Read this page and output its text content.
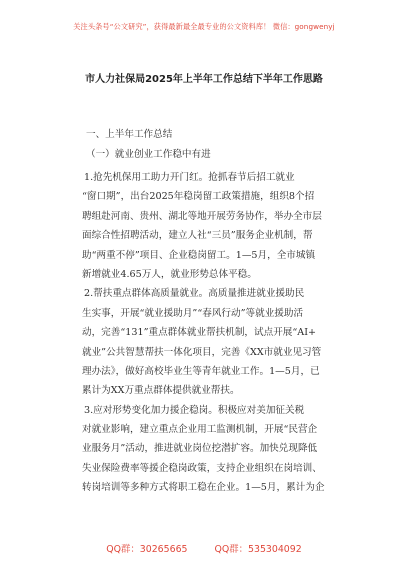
关注头条号“公文研究”，获得最新最全最专业的公文资料库！ 微信：gongwenyj
市人力社保局2025年上半年工作总结下半年工作思路
一、上半年工作总结
（一）就业创业工作稳中有进
1.抢先机保用工助力开门红。抢抓春节后招工就业
“窗口期”，出台2025年稳岗留工政策措施，组织8个招
聘组赴河南、贵州、湖北等地开展劳务协作，举办全市层
面综合性招聘活动，建立人社“三员”服务企业机制，帮
助“两重不停”项目、企业稳岗留工。1—5月，全市城镇
新增就业4.65万人，就业形势总体平稳。
2.帮扶重点群体高质量就业。高质量推进就业援助民
生实事，开展“就业援助月”“春风行动”等就业援助活
动，完善“131”重点群体就业帮扶机制，试点开展“AI+
就业”公共智慧帮扶一体化项目，完善《XX市就业见习管
理办法》，做好高校毕业生等青年就业工作。1—5月，已
累计为XX万重点群体提供就业帮扶。
3.应对形势变化加力援企稳岗。积极应对美加征关税
对就业影响，建立重点企业用工监测机制，开展“民营企
业服务月”活动，推进就业岗位挖潜扩容。加快兑现降低
失业保险费率等援企稳岗政策，支持企业组织在岗培训、
转岗培训等多种方式将职工稳在企业。1—5月，累计为企
QQ群：30265665	QQ群：535304092
